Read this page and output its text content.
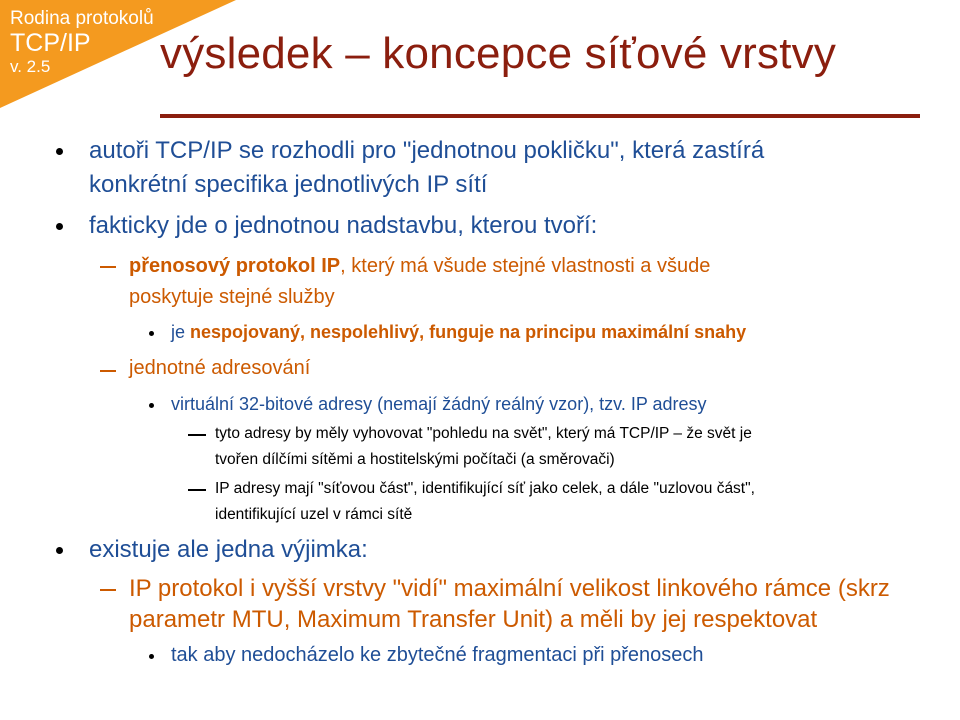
Rodina protokolů
TCP/IP
v. 2.5	výsledek – koncepce síťové vrstvy
autoři TCP/IP se rozhodli pro "jednotnou pokličku", která zastírá
konkrétní specifika jednotlivých IP sítí
fakticky jde o jednotnou nadstavbu, kterou tvoří:
přenosový protokol IP, který má všude stejné vlastnosti a všude
poskytuje stejné služby
je nespojovaný, nespolehlivý, funguje na principu maximální snahy
jednotné adresování
virtuální 32-bitové adresy (nemají žádný reálný vzor), tzv. IP adresy
tyto adresy by měly vyhovovat "pohledu na svět", který má TCP/IP – že svět je
tvořen dílčími sítěmi a hostitelskými počítači (a směrovači)
IP adresy mají "síťovou část", identifikující síť jako celek, a dále "uzlovou část",
identifikující uzel v rámci sítě
existuje ale jedna výjimka:
IP protokol i vyšší vrstvy "vidí" maximální velikost linkového rámce (skrz
parametr MTU, Maximum Transfer Unit) a měli by jej respektovat
tak aby nedocházelo ke zbytečné fragmentaci při přenosech
